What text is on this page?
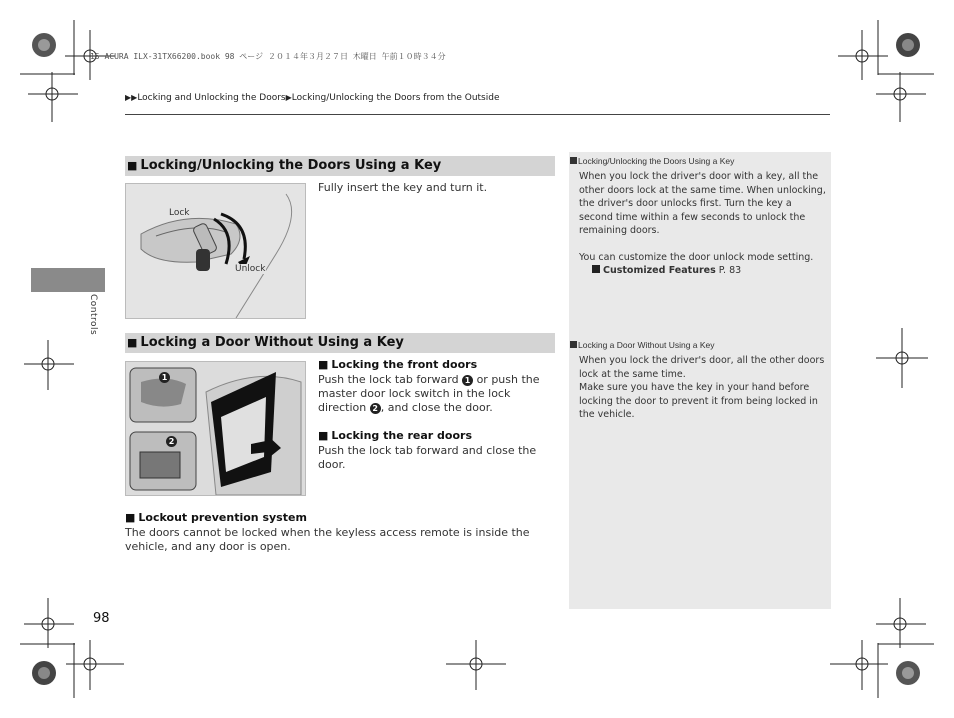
15 ACURA ILX-31TX66200.book 98 ページ ２０１４年３月２７日 木曜日 午前１０時３４分
▶▶Locking and Unlocking the Doors▶Locking/Unlocking the Doors from the Outside
Controls
■ Locking/Unlocking the Doors Using a Key
Lock
Unlock
Fully insert the key and turn it.
■ Locking a Door Without Using a Key
1
2
■ Locking the front doors
Push the lock tab forward 1 or push the master door lock switch in the lock direction 2 , and close the door.
■ Locking the rear doors
Push the lock tab forward and close the door.
■ Lockout prevention system
The doors cannot be locked when the keyless access remote is inside the vehicle, and any door is open.
Locking/Unlocking the Doors Using a Key
When you lock the driver's door with a key, all the other doors lock at the same time. When unlocking, the driver's door unlocks first. Turn the key a second time within a few seconds to unlock the remaining doors.
You can customize the door unlock mode setting.
Customized Features P. 83
Locking a Door Without Using a Key
When you lock the driver's door, all the other doors lock at the same time.
Make sure you have the key in your hand before locking the door to prevent it from being locked in the vehicle.
98
